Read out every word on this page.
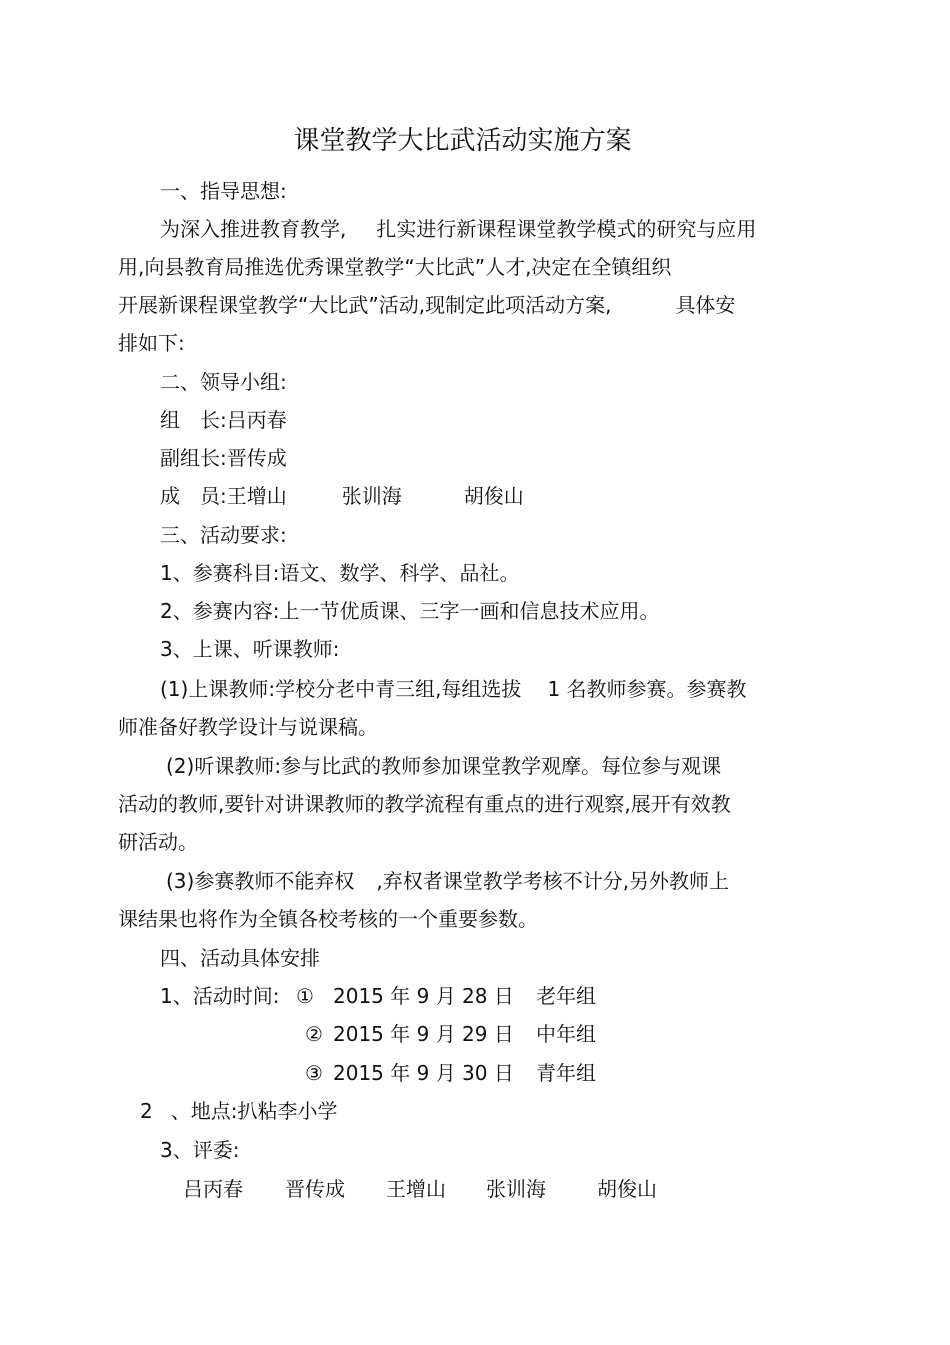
课堂教学大比武活动实施方案
一、指导思想:
为深入推进教育教学, 扎实进行新课程课堂教学模式的研究与应用
用,向县教育局推选优秀课堂教学“大比武”人才,决定在全镇组织
开展新课程课堂教学“大比武”活动,现制定此项活动方案,	具体安
排如下:
二、领导小组:
组　长:吕丙春
副组长:晋传成
成　员:王增山	张训海	胡俊山
三、活动要求:
1、参赛科目:语文、数学、科学、品社。
2、参赛内容:上一节优质课、三字一画和信息技术应用。
3、上课、听课教师:
(1)上课教师:学校分老中青三组,每组选拔 1 名教师参赛。参赛教
师准备好教学设计与说课稿。
(2)听课教师:参与比武的教师参加课堂教学观摩。每位参与观课
活动的教师,要针对讲课教师的教学流程有重点的进行观察,展开有效教
研活动。
(3)参赛教师不能弃权 ,弃权者课堂教学考核不计分,另外教师上
课结果也将作为全镇各校考核的一个重要参数。
四、活动具体安排
1、活动时间: ① 2015 年 9 月 28 日 老年组
② 2015 年 9 月 29 日 中年组
③ 2015 年 9 月 30 日 青年组
2 、地点:扒粘李小学
3、评委:
吕丙春 晋传成 王增山 张训海	胡俊山
